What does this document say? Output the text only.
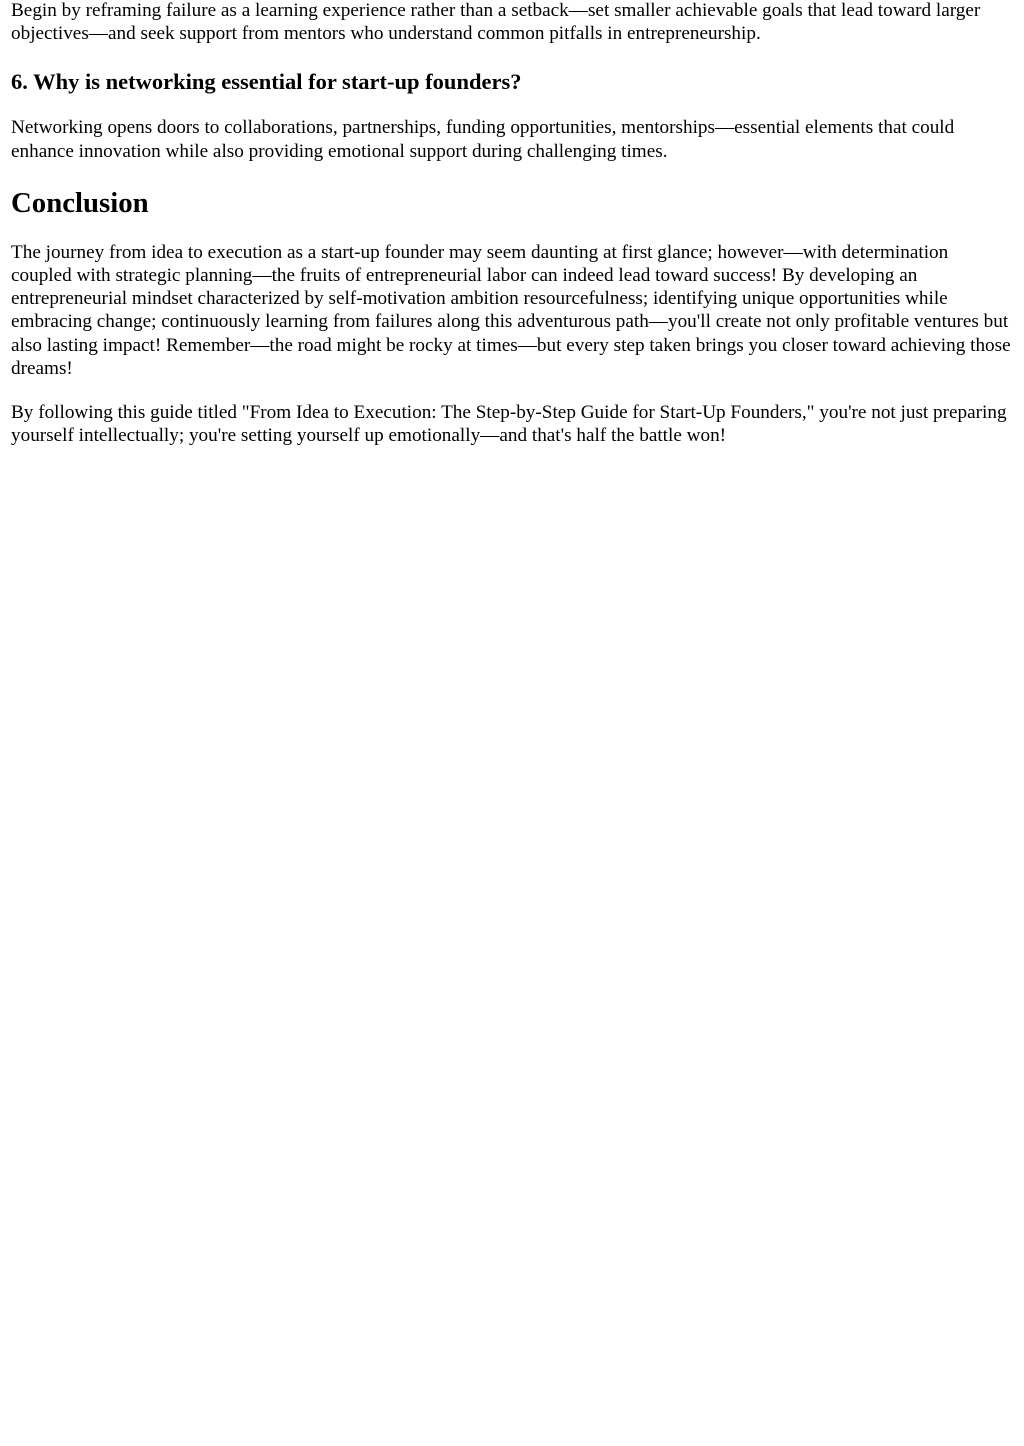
Begin by reframing failure as a learning experience rather than a setback—set smaller achievable goals that lead toward larger objectives—and seek support from mentors who understand common pitfalls in entrepreneurship.

6. Why is networking essential for start-up founders?

Networking opens doors to collaborations, partnerships, funding opportunities, mentorships—essential elements that could enhance innovation while also providing emotional support during challenging times.

Conclusion

The journey from idea to execution as a start-up founder may seem daunting at first glance; however—with determination coupled with strategic planning—the fruits of entrepreneurial labor can indeed lead toward success! By developing an entrepreneurial mindset characterized by self-motivation ambition resourcefulness; identifying unique opportunities while embracing change; continuously learning from failures along this adventurous path—you'll create not only profitable ventures but also lasting impact! Remember—the road might be rocky at times—but every step taken brings you closer toward achieving those dreams!

By following this guide titled "From Idea to Execution: The Step-by-Step Guide for Start-Up Founders," you're not just preparing yourself intellectually; you're setting yourself up emotionally—and that's half the battle won!
